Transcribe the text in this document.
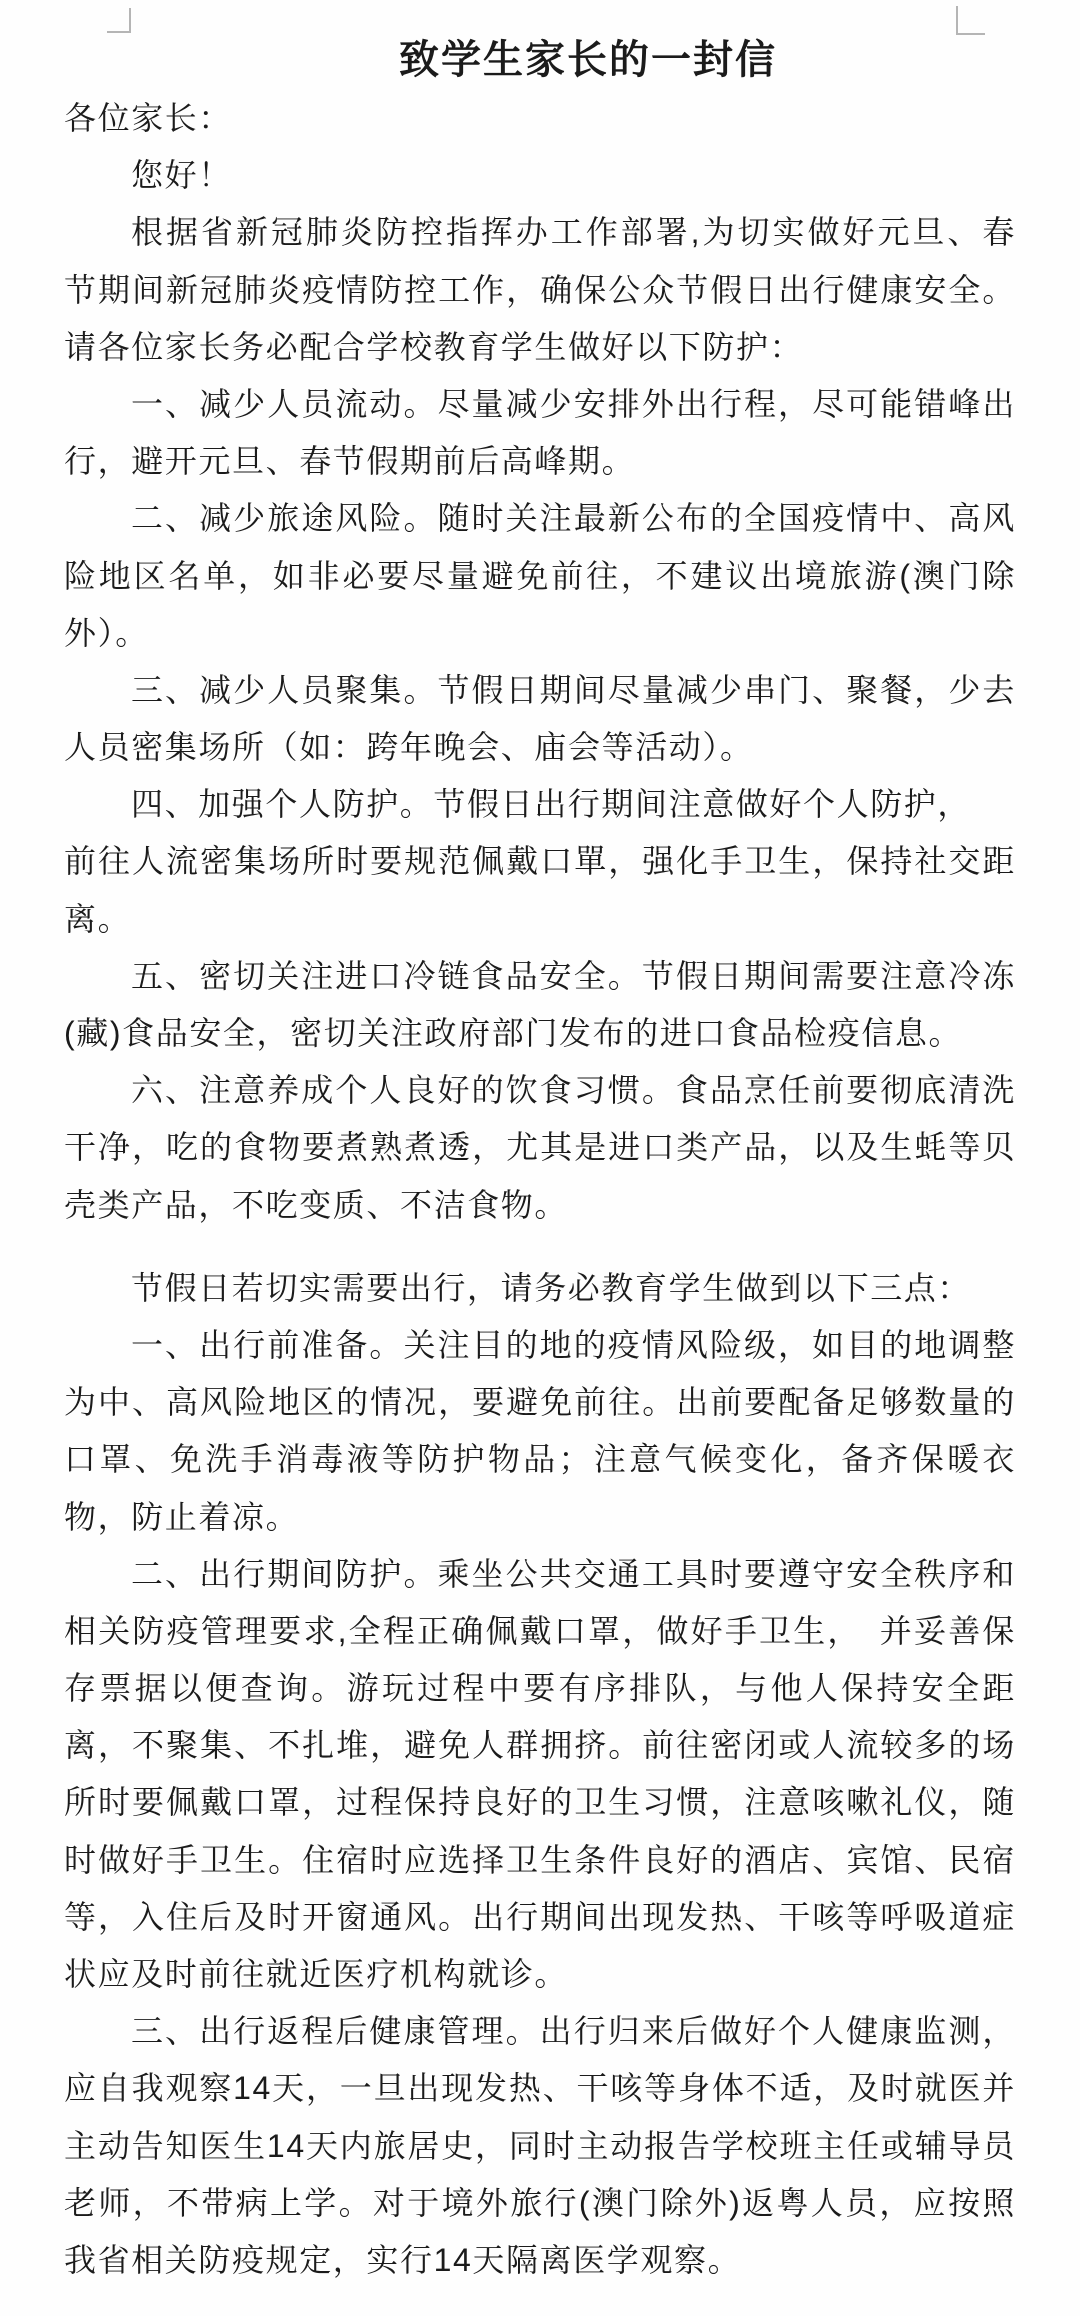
致学生家长的一封信
各位家长：
您好！
根据省新冠肺炎防控指挥办工作部署,为切实做好元旦、春
节期间新冠肺炎疫情防控工作，确保公众节假日出行健康安全。
请各位家长务必配合学校教育学生做好以下防护：
一、减少人员流动。尽量减少安排外出行程，尽可能错峰出
行，避开元旦、春节假期前后高峰期。
二、减少旅途风险。随时关注最新公布的全国疫情中、高风
险地区名单，如非必要尽量避免前往，不建议出境旅游(澳门除
外）。
三、减少人员聚集。节假日期间尽量减少串门、聚餐，少去
人员密集场所（如：跨年晚会、庙会等活动）。
四、加强个人防护。节假日出行期间注意做好个人防护，
前往人流密集场所时要规范佩戴口單，强化手卫生，保持社交距
离。
五、密切关注进口冷链食品安全。节假日期间需要注意冷冻
(藏)食品安全，密切关注政府部门发布的进口食品检疫信息。
六、注意养成个人良好的饮食习惯。食品烹任前要彻底清洗
干净，吃的食物要煮熟煮透，尤其是进口类产品，以及生蚝等贝
壳类产品，不吃变质、不洁食物。
节假日若切实需要出行，请务必教育学生做到以下三点：
一、出行前准备。关注目的地的疫情风险级，如目的地调整
为中、高风险地区的情况，要避免前往。出前要配备足够数量的
口罩、免洗手消毒液等防护物品；注意气候变化，备齐保暖衣
物，防止着凉。
二、出行期间防护。乘坐公共交通工具时要遵守安全秩序和
相关防疫管理要求,全程正确佩戴口罩，做好手卫生，　并妥善保
存票据以便查询。游玩过程中要有序排队，与他人保持安全距
离，不聚集、不扎堆，避免人群拥挤。前往密闭或人流较多的场
所时要佩戴口罩，过程保持良好的卫生习惯，注意咳嗽礼仪，随
时做好手卫生。住宿时应选择卫生条件良好的酒店、宾馆、民宿
等，入住后及时开窗通风。出行期间出现发热、干咳等呼吸道症
状应及时前往就近医疗机构就诊。
三、出行返程后健康管理。出行归来后做好个人健康监测，
应自我观察14天，一旦出现发热、干咳等身体不适，及时就医并
主动告知医生14天内旅居史，同时主动报告学校班主任或辅导员
老师，不带病上学。对于境外旅行(澳门除外)返粤人员，应按照
我省相关防疫规定，实行14天隔离医学观察。
